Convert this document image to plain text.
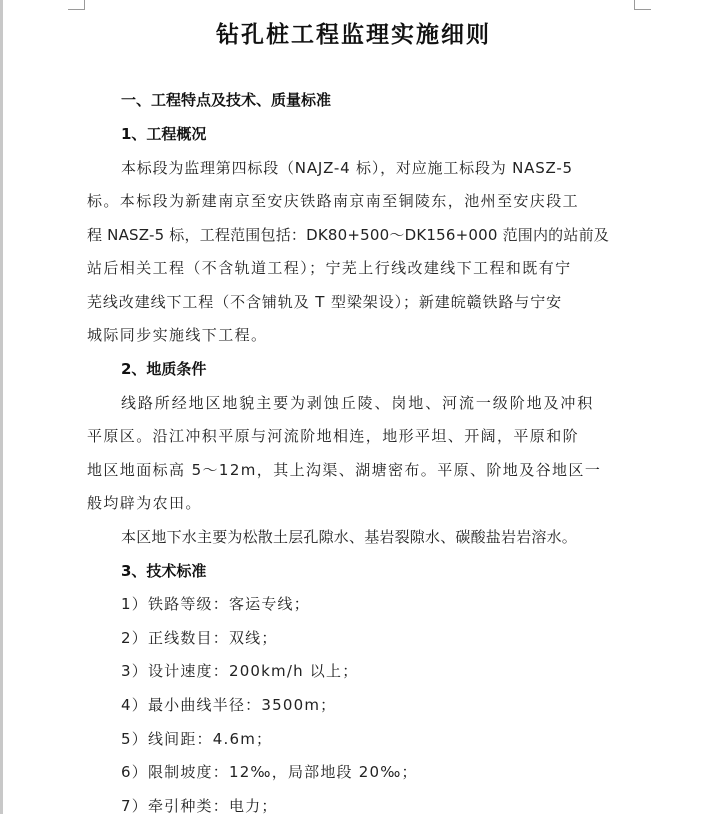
钻孔桩工程监理实施细则
一、工程特点及技术、质量标准
1、工程概况
本标段为监理第四标段（NAJZ-4 标），对应施工标段为 NASZ-5
标。本标段为新建南京至安庆铁路南京南至铜陵东，池州至安庆段工
程 NASZ-5 标，工程范围包括：DK80+500～DK156+000 范围内的站前及
站后相关工程（不含轨道工程）；宁芜上行线改建线下工程和既有宁
芜线改建线下工程（不含铺轨及 T 型梁架设）；新建皖赣铁路与宁安
城际同步实施线下工程。
2、地质条件
线路所经地区地貌主要为剥蚀丘陵、岗地、河流一级阶地及冲积
平原区。沿江冲积平原与河流阶地相连，地形平坦、开阔，平原和阶
地区地面标高 5～12m，其上沟渠、湖塘密布。平原、阶地及谷地区一
般均辟为农田。
本区地下水主要为松散土层孔隙水、基岩裂隙水、碳酸盐岩岩溶水。
3、技术标准
1）铁路等级：客运专线；
2）正线数目：双线；
3）设计速度：200km/h 以上；
4）最小曲线半径：3500m；
5）线间距：4.6m；
6）限制坡度：12‰，局部地段 20‰；
7）牵引种类：电力；
